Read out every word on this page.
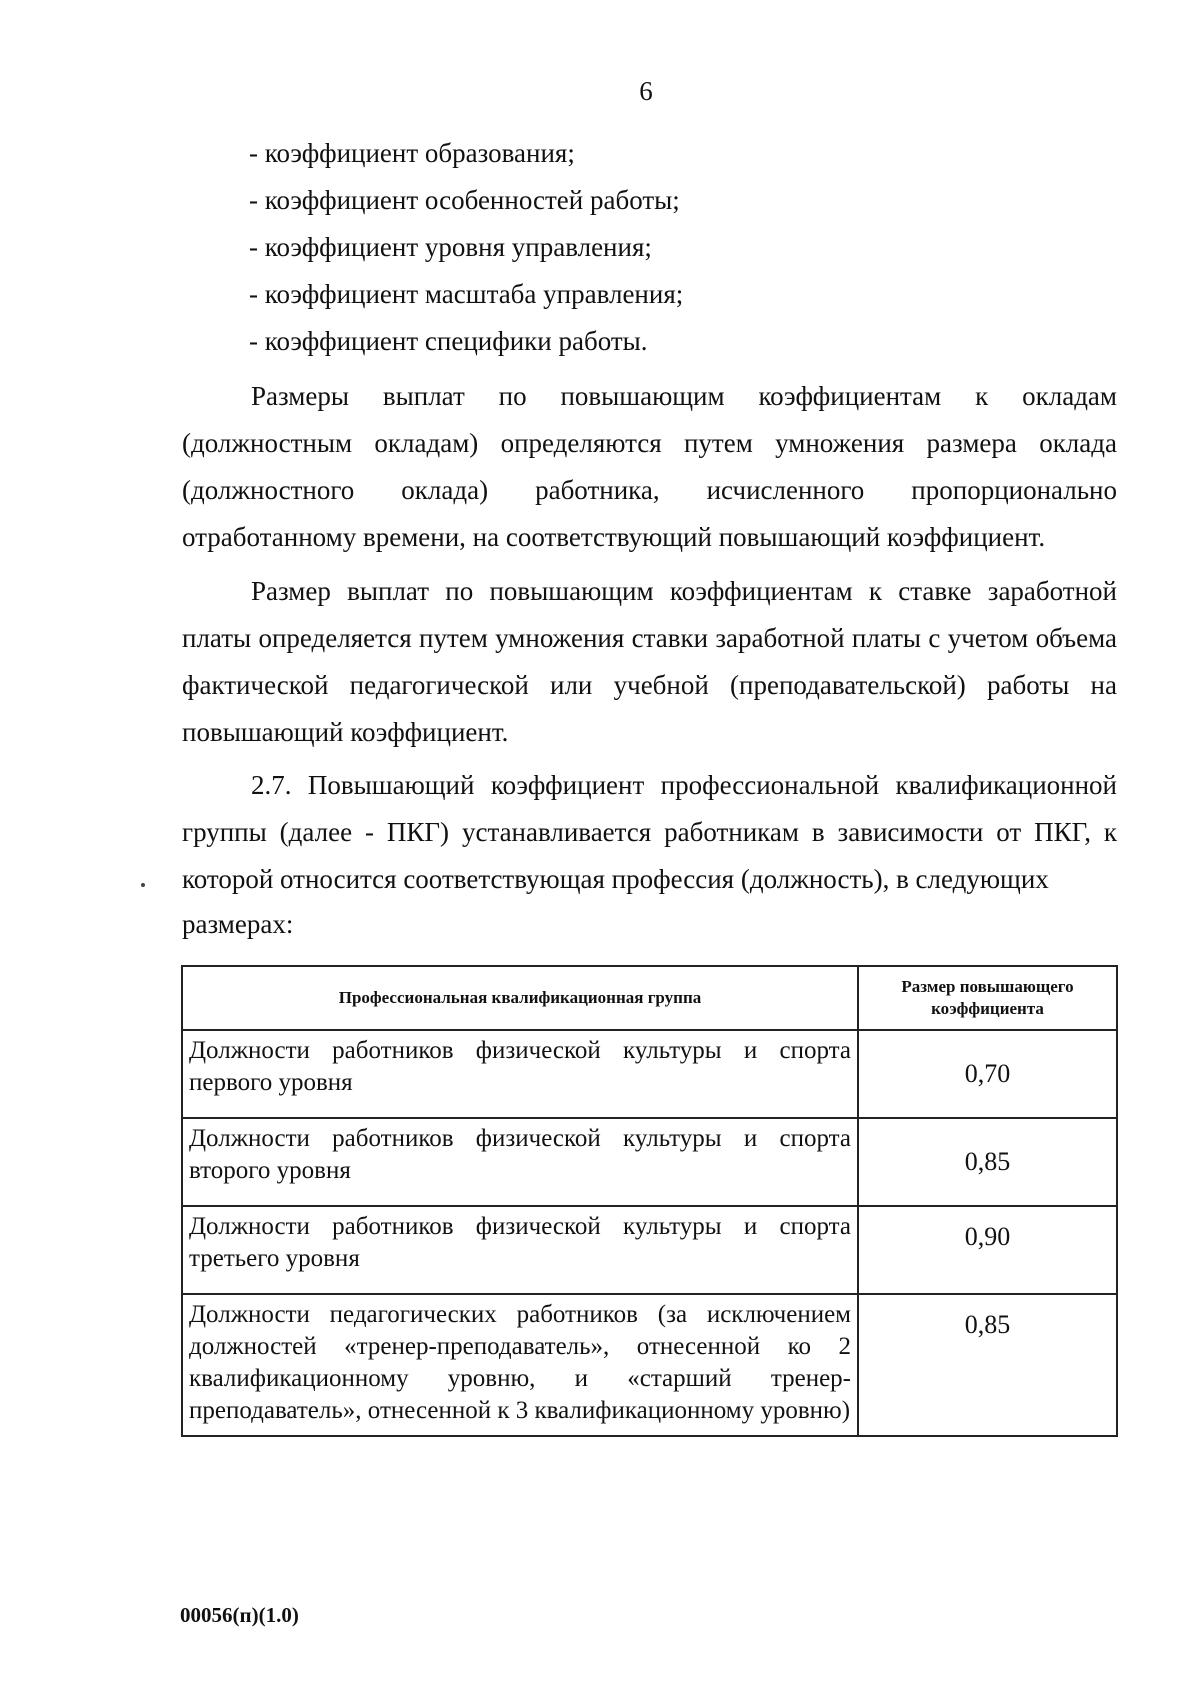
6
- коэффициент образования;
- коэффициент особенностей работы;
- коэффициент уровня управления;
- коэффициент масштаба управления;
- коэффициент специфики работы.
Размеры выплат по повышающим коэффициентам к окладам (должностным окладам) определяются путем умножения размера оклада (должностного оклада) работника, исчисленного пропорционально отработанному времени, на соответствующий повышающий коэффициент.
Размер выплат по повышающим коэффициентам к ставке заработной платы определяется путем умножения ставки заработной платы с учетом объема фактической педагогической или учебной (преподавательской) работы на повышающий коэффициент.
2.7. Повышающий коэффициент профессиональной квалификационной группы (далее - ПКГ) устанавливается работникам в зависимости от ПКГ, к которой относится соответствующая профессия (должность), в следующих
размерах:
Профессиональная квалификационная группа	Размер повышающего коэффициента
Должности работников физической культуры и спорта первого уровня	0,70
Должности работников физической культуры и спорта второго уровня	0,85
Должности работников физической культуры и спорта третьего уровня	0,90
Должности педагогических работников (за исключением должностей «тренер-преподаватель», отнесенной ко 2 квалификационному уровню, и «старший тренер-преподаватель», отнесенной к 3 квалификационному уровню)	0,85
00056(п)(1.0)
